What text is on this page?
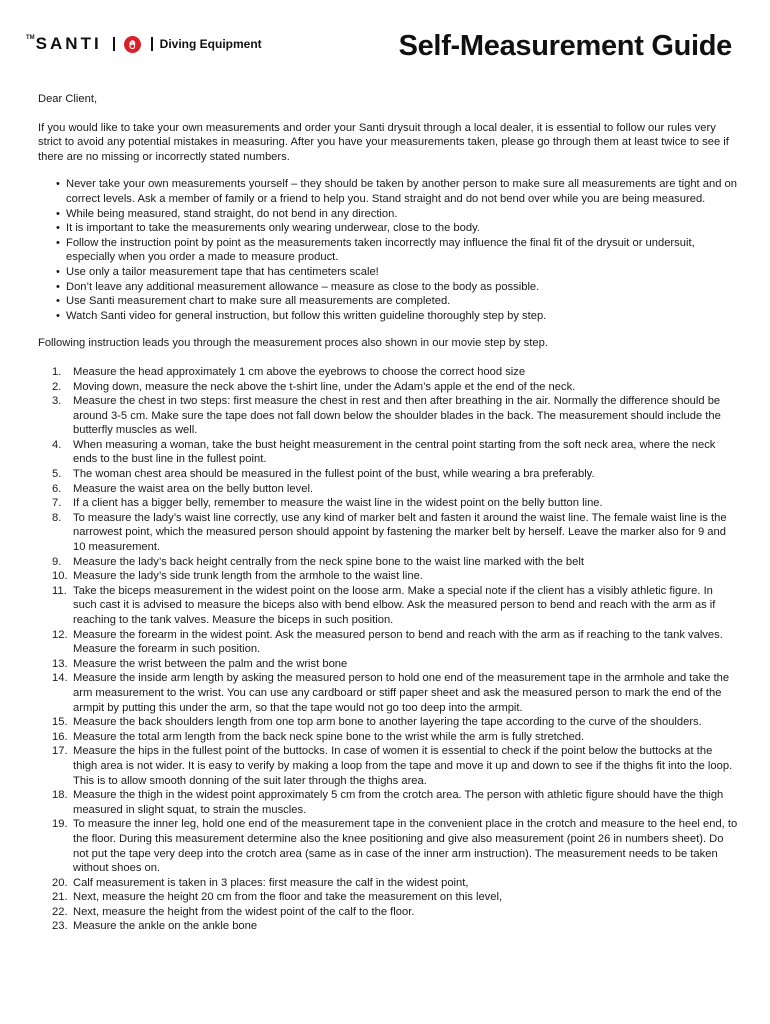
TM SANTI	Diving Equipment	Self-Measurement Guide

Dear Client,

If you would like to take your own measurements and order your Santi drysuit through a local dealer, it is essential to follow our rules very strict to avoid any potential mistakes in measuring. After you have your measurements taken, please go through them at least twice to see if there are no missing or incorrectly stated numbers.

• Never take your own measurements yourself – they should be taken by another person to make sure all measurements are tight and on correct levels. Ask a member of family or a friend to help you. Stand straight and do not bend over while you are being measured.
• While being measured, stand straight, do not bend in any direction.
• It is important to take the measurements only wearing underwear, close to the body.
• Follow the instruction point by point as the measurements taken incorrectly may influence the final fit of the drysuit or undersuit, especially when you order a made to measure product.
• Use only a tailor measurement tape that has centimeters scale!
• Don’t leave any additional measurement allowance – measure as close to the body as possible.
• Use Santi measurement chart to make sure all measurements are completed.
• Watch Santi video for general instruction, but follow this written guideline thoroughly step by step.

Following instruction leads you through the measurement proces also shown in our movie step by step.

1. Measure the head approximately 1 cm above the eyebrows to choose the correct hood size
2. Moving down, measure the neck above the t-shirt line, under the Adam’s apple et the end of the neck.
3. Measure the chest in two steps: first measure the chest in rest and then after breathing in the air. Normally the difference should be around 3-5 cm. Make sure the tape does not fall down below the shoulder blades in the back. The measurement should include the butterfly muscles as well.
4. When measuring a woman, take the bust height measurement in the central point starting from the soft neck area, where the neck ends to the bust line in the fullest point.
5. The woman chest area should be measured in the fullest point of the bust, while wearing a bra preferably.
6. Measure the waist area on the belly button level.
7. If a client has a bigger belly, remember to measure the waist line in the widest point on the belly button line.
8. To measure the lady’s waist line correctly, use any kind of marker belt and fasten it around the waist line. The female waist line is the narrowest point, which the measured person should appoint by fastening the marker belt by herself. Leave the marker also for 9 and 10 measurement.
9. Measure the lady’s back height centrally from the neck spine bone to the waist line marked with the belt
10. Measure the lady’s side trunk length from the armhole to the waist line.
11. Take the biceps measurement in the widest point on the loose arm. Make a special note if the client has a visibly athletic figure. In such cast it is advised to measure the biceps also with bend elbow. Ask the measured person to bend and reach with the arm as if reaching to the tank valves. Measure the biceps in such position.
12. Measure the forearm in the widest point. Ask the measured person to bend and reach with the arm as if reaching to the tank valves. Measure the forearm in such position.
13. Measure the wrist between the palm and the wrist bone
14. Measure the inside arm length by asking the measured person to hold one end of the measurement tape in the armhole and take the arm measurement to the wrist. You can use any cardboard or stiff paper sheet and ask the measured person to mark the end of the armpit by putting this under the arm, so that the tape would not go too deep into the armpit.
15. Measure the back shoulders length from one top arm bone to another layering the tape according to the curve of the shoulders.
16. Measure the total arm length from the back neck spine bone to the wrist while the arm is fully stretched.
17. Measure the hips in the fullest point of the buttocks. In case of women it is essential to check if the point below the buttocks at the thigh area is not wider. It is easy to verify by making a loop from the tape and move it up and down to see if the thighs fit into the loop. This is to allow smooth donning of the suit later through the thighs area.
18. Measure the thigh in the widest point approximately 5 cm from the crotch area. The person with athletic figure should have the thigh measured in slight squat, to strain the muscles.
19. To measure the inner leg, hold one end of the measurement tape in the convenient place in the crotch and measure to the heel end, to the floor. During this measurement determine also the knee positioning and give also measurement (point 26 in numbers sheet). Do not put the tape very deep into the crotch area (same as in case of the inner arm instruction). The measurement needs to be taken without shoes on.
20. Calf measurement is taken in 3 places: first measure the calf in the widest point,
21. Next, measure the height 20 cm from the floor and take the measurement on this level,
22. Next, measure the height from the widest point of the calf to the floor.
23. Measure the ankle on the ankle bone
